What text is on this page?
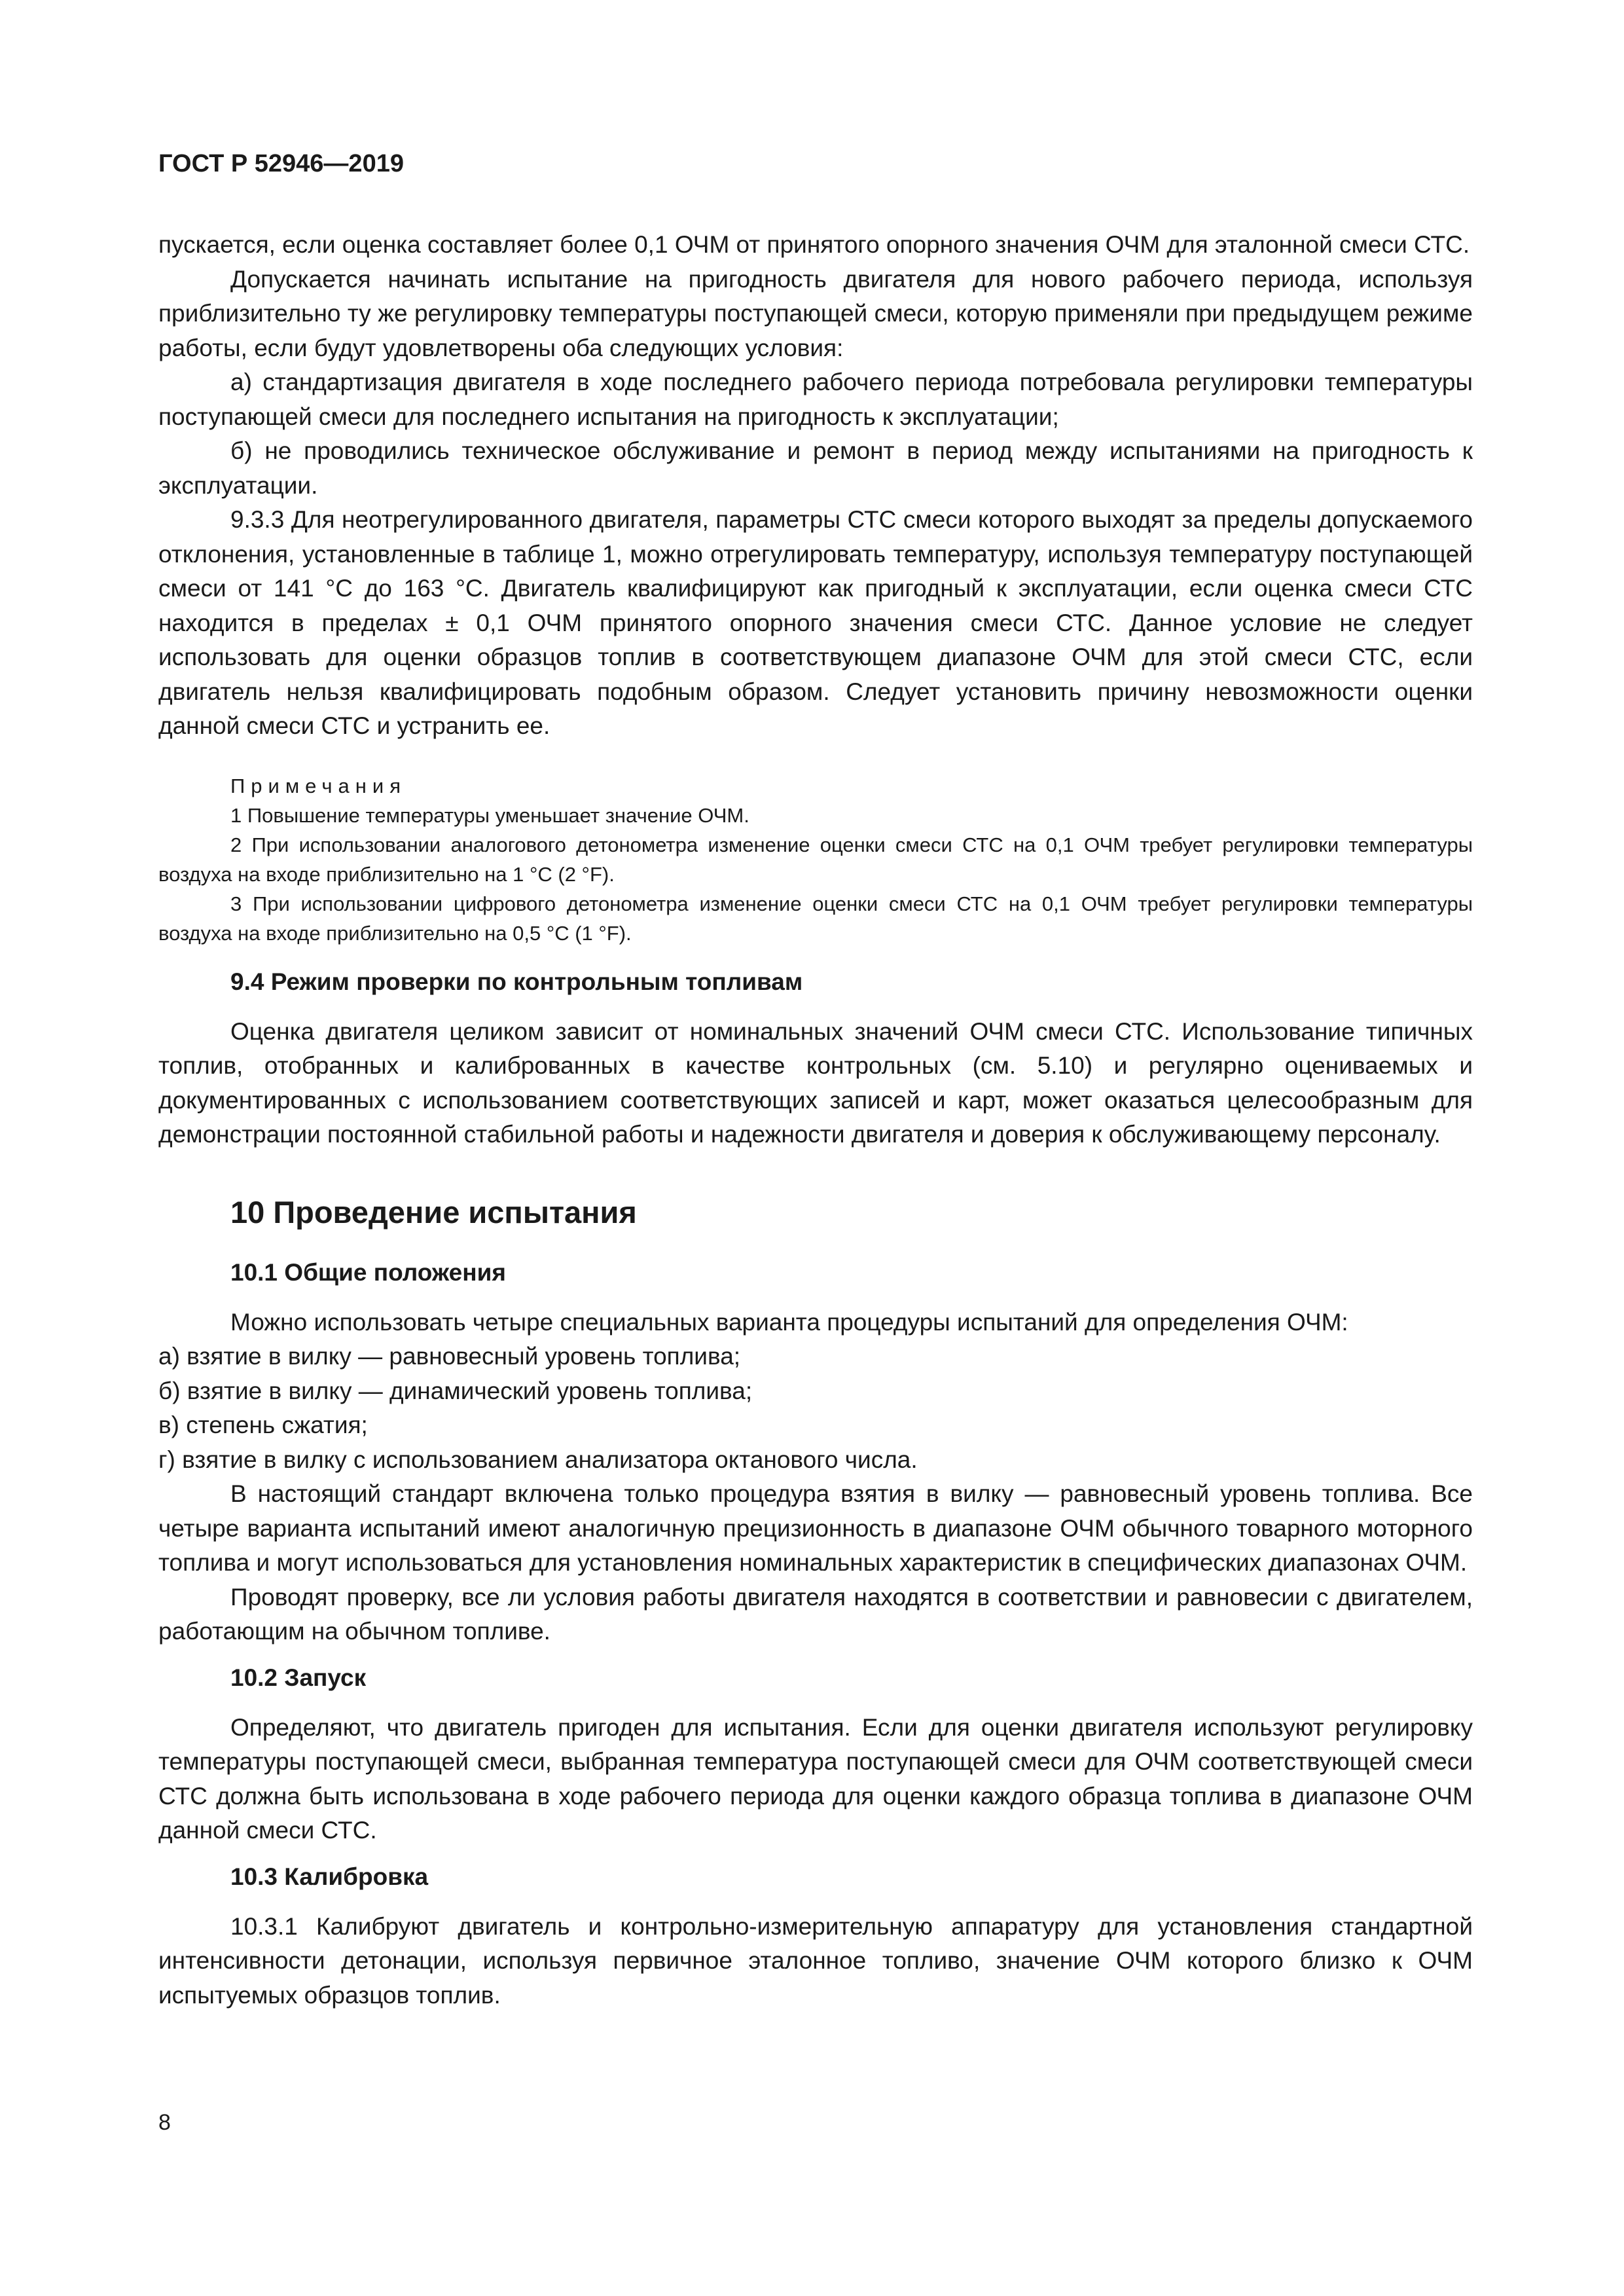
ГОСТ Р 52946—2019

пускается, если оценка составляет более 0,1 ОЧМ от принятого опорного значения ОЧМ для эталонной смеси СТС.

Допускается начинать испытание на пригодность двигателя для нового рабочего периода, используя приблизительно ту же регулировку температуры поступающей смеси, которую применяли при предыдущем режиме работы, если будут удовлетворены оба следующих условия:

а) стандартизация двигателя в ходе последнего рабочего периода потребовала регулировки температуры поступающей смеси для последнего испытания на пригодность к эксплуатации;

б) не проводились техническое обслуживание и ремонт в период между испытаниями на пригодность к эксплуатации.

9.3.3 Для неотрегулированного двигателя, параметры СТС смеси которого выходят за пределы допускаемого отклонения, установленные в таблице 1, можно отрегулировать температуру, используя температуру поступающей смеси от 141 °С до 163 °С. Двигатель квалифицируют как пригодный к эксплуатации, если оценка смеси СТС находится в пределах ± 0,1 ОЧМ принятого опорного значения смеси СТС. Данное условие не следует использовать для оценки образцов топлив в соответствующем диапазоне ОЧМ для этой смеси СТС, если двигатель нельзя квалифицировать подобным образом. Следует установить причину невозможности оценки данной смеси СТС и устранить ее.

Примечания

1 Повышение температуры уменьшает значение ОЧМ.

2 При использовании аналогового детонометра изменение оценки смеси СТС на 0,1 ОЧМ требует регулировки температуры воздуха на входе приблизительно на 1 °С (2 °F).

3 При использовании цифрового детонометра изменение оценки смеси СТС на 0,1 ОЧМ требует регулировки температуры воздуха на входе приблизительно на 0,5 °С (1 °F).

9.4 Режим проверки по контрольным топливам

Оценка двигателя целиком зависит от номинальных значений ОЧМ смеси СТС. Использование типичных топлив, отобранных и калиброванных в качестве контрольных (см. 5.10) и регулярно оцениваемых и документированных с использованием соответствующих записей и карт, может оказаться целесообразным для демонстрации постоянной стабильной работы и надежности двигателя и доверия к обслуживающему персоналу.

10 Проведение испытания
10.1 Общие положения

Можно использовать четыре специальных варианта процедуры испытаний для определения ОЧМ:

а) взятие в вилку — равновесный уровень топлива;

б) взятие в вилку — динамический уровень топлива;

в) степень сжатия;

г) взятие в вилку с использованием анализатора октанового числа.

В настоящий стандарт включена только процедура взятия в вилку — равновесный уровень топлива. Все четыре варианта испытаний имеют аналогичную прецизионность в диапазоне ОЧМ обычного товарного моторного топлива и могут использоваться для установления номинальных характеристик в специфических диапазонах ОЧМ.

Проводят проверку, все ли условия работы двигателя находятся в соответствии и равновесии с двигателем, работающим на обычном топливе.

10.2 Запуск

Определяют, что двигатель пригоден для испытания. Если для оценки двигателя используют регулировку температуры поступающей смеси, выбранная температура поступающей смеси для ОЧМ соответствующей смеси СТС должна быть использована в ходе рабочего периода для оценки каждого образца топлива в диапазоне ОЧМ данной смеси СТС.

10.3 Калибровка

10.3.1 Калибруют двигатель и контрольно-измерительную аппаратуру для установления стандартной интенсивности детонации, используя первичное эталонное топливо, значение ОЧМ которого близко к ОЧМ испытуемых образцов топлив.

8
